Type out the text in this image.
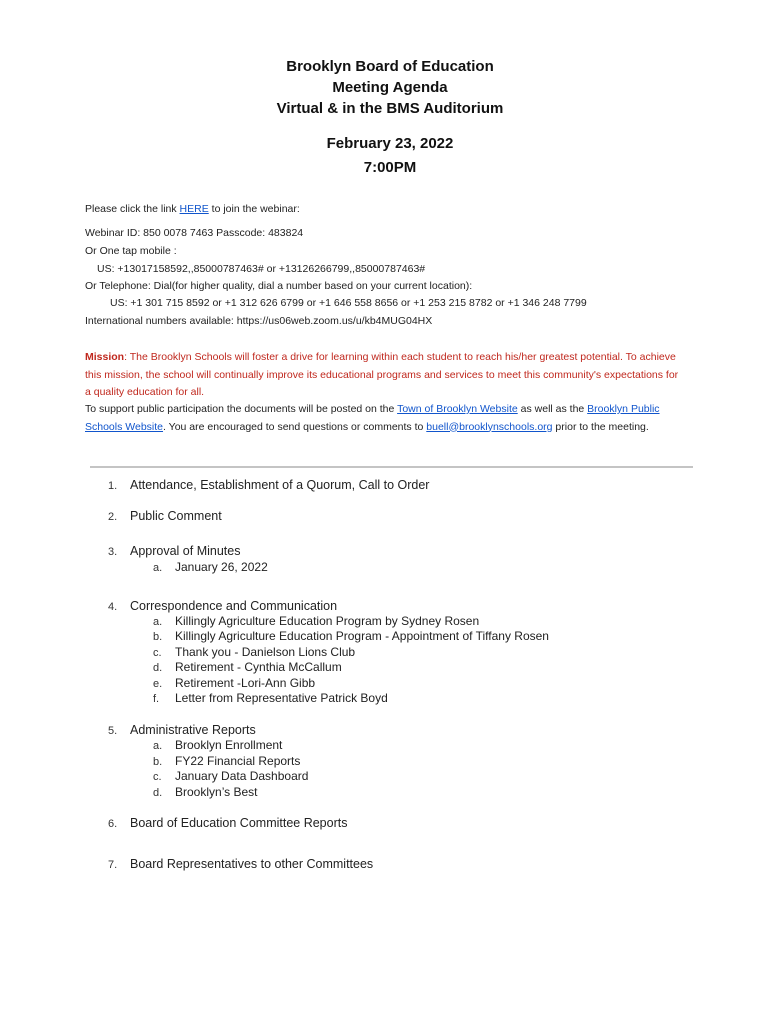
Brooklyn Board of Education
Meeting Agenda
Virtual & in the BMS Auditorium
February 23, 2022
7:00PM
Please click the link HERE to join the webinar:
Webinar ID: 850 0078 7463 Passcode: 483824
Or One tap mobile :
US: +13017158592,,85000787463# or +13126266799,,85000787463#
Or Telephone: Dial(for higher quality, dial a number based on your current location):
US: +1 301 715 8592 or +1 312 626 6799 or +1 646 558 8656 or +1 253 215 8782 or +1 346 248 7799
International numbers available: https://us06web.zoom.us/u/kb4MUG04HX
Mission: The Brooklyn Schools will foster a drive for learning within each student to reach his/her greatest potential. To achieve this mission, the school will continually improve its educational programs and services to meet this community's expectations for a quality education for all.
To support public participation the documents will be posted on the Town of Brooklyn Website as well as the Brooklyn Public Schools Website. You are encouraged to send questions or comments to buell@brooklynschools.org prior to the meeting.
1. Attendance, Establishment of a Quorum, Call to Order
2. Public Comment
3. Approval of Minutes
a. January 26, 2022
4. Correspondence and Communication
a. Killingly Agriculture Education Program by Sydney Rosen
b. Killingly Agriculture Education Program - Appointment of Tiffany Rosen
c. Thank you - Danielson Lions Club
d. Retirement - Cynthia McCallum
e. Retirement -Lori-Ann Gibb
f. Letter from Representative Patrick Boyd
5. Administrative Reports
a. Brooklyn Enrollment
b. FY22 Financial Reports
c. January Data Dashboard
d. Brooklyn’s Best
6. Board of Education Committee Reports
7. Board Representatives to other Committees
